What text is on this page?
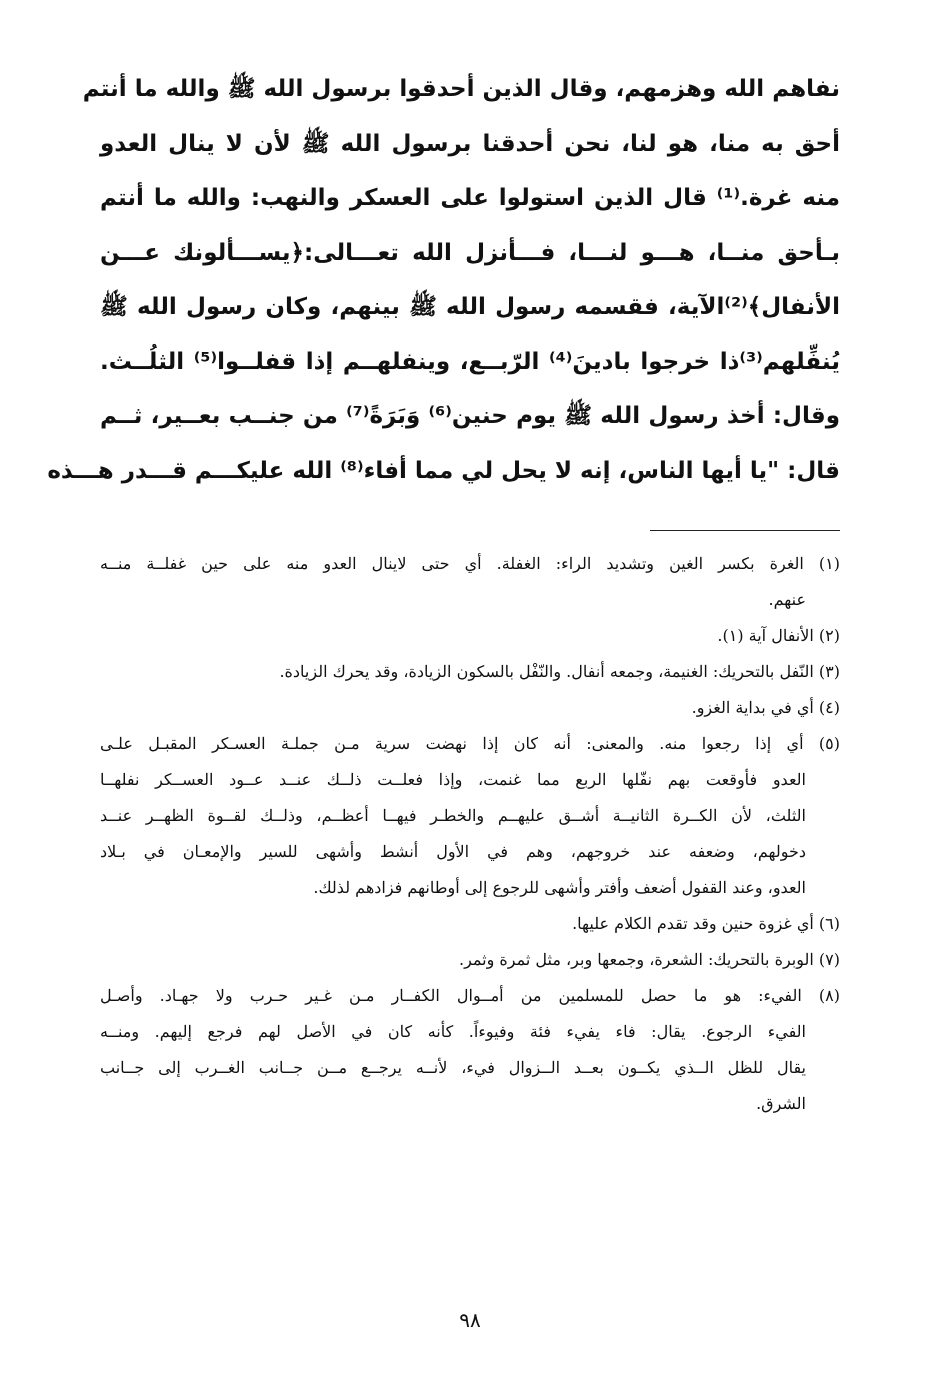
نفاهم الله وهزمهم، وقال الذين أحدقوا برسول الله ﷺ والله ما أنتم
أحق به منا، هو لنا، نحن أحدقنا برسول الله ﷺ لأن لا ينال العدو
منه غرة.⁽¹⁾ قال الذين استولوا على العسكر والنهب: والله ما أنتم
بـأحق منــا، هـــو لنـــا، فـــأنزل الله تعـــالى:﴿يســـألونك عـــن
الأنفال﴾⁽²⁾الآية، فقسمه رسول الله ﷺ بينهم، وكان رسول الله ﷺ
يُنفِّلهم⁽³⁾ذا خرجوا بادينَ⁽⁴⁾ الرّبــع، وينفلهــم إذا قفلــوا⁽⁵⁾ الثلُــث.
وقال: أخذ رسول الله ﷺ يوم حنين⁽⁶⁾ وَبَرَةً⁽⁷⁾ من جنــب بعــير، ثــم
قال: "يا أيها الناس، إنه لا يحل لي مما أفاء⁽⁸⁾ الله عليكـــم قـــدر هـــذه
(١) الغرة بكسر الغين وتشديد الراء: الغفلة. أي حتى لاينال العدو منه على حين غفلــة منــه
عنهم.
(٢) الأنفال آية (١).
(٣) النّفل بالتحريك: الغنيمة، وجمعه أنفال. والنّفْل بالسكون الزيادة، وقد يحرك الزيادة.
(٤) أي في بداية الغزو.
(٥) أي إذا رجعوا منه. والمعنى: أنه كان إذا نهضت سرية مـن جملـة العسـكر المقبـل علـى
العدو فأوقعت بهم نفّلها الربع مما غنمت، وإذا فعلــت ذلــك عنــد عــود العســكر نفلهــا
الثلث، لأن الكــرة الثانيــة أشــق عليهــم والخطـر فيهــا أعظــم، وذلــك لقــوة الظهــر عنــد
دخولهم، وضعفه عند خروجهم، وهم في الأول أنشط وأشهى للسير والإمعـان في بـلاد
العدو، وعند القفول أضعف وأفتر وأشهى للرجوع إلى أوطانهم فزادهم لذلك.
(٦) أي غزوة حنين وقد تقدم الكلام عليها.
(٧) الوبرة بالتحريك: الشعرة، وجمعها وبر، مثل ثمرة وثمر.
(٨) الفيء: هو ما حصل للمسلمين من أمــوال الكفــار مـن غـير حـرب ولا جهـاد. وأصـل
الفيء الرجوع. يقال: فاء يفيء فئة وفيوءاً. كأنه كان في الأصل لهم فرجع إليهم. ومنــه
يقال للظل الــذي يكــون بعــد الــزوال فيء، لأنــه يرجــع مــن جــانب الغــرب إلى جــانب
الشرق.
٩٨
